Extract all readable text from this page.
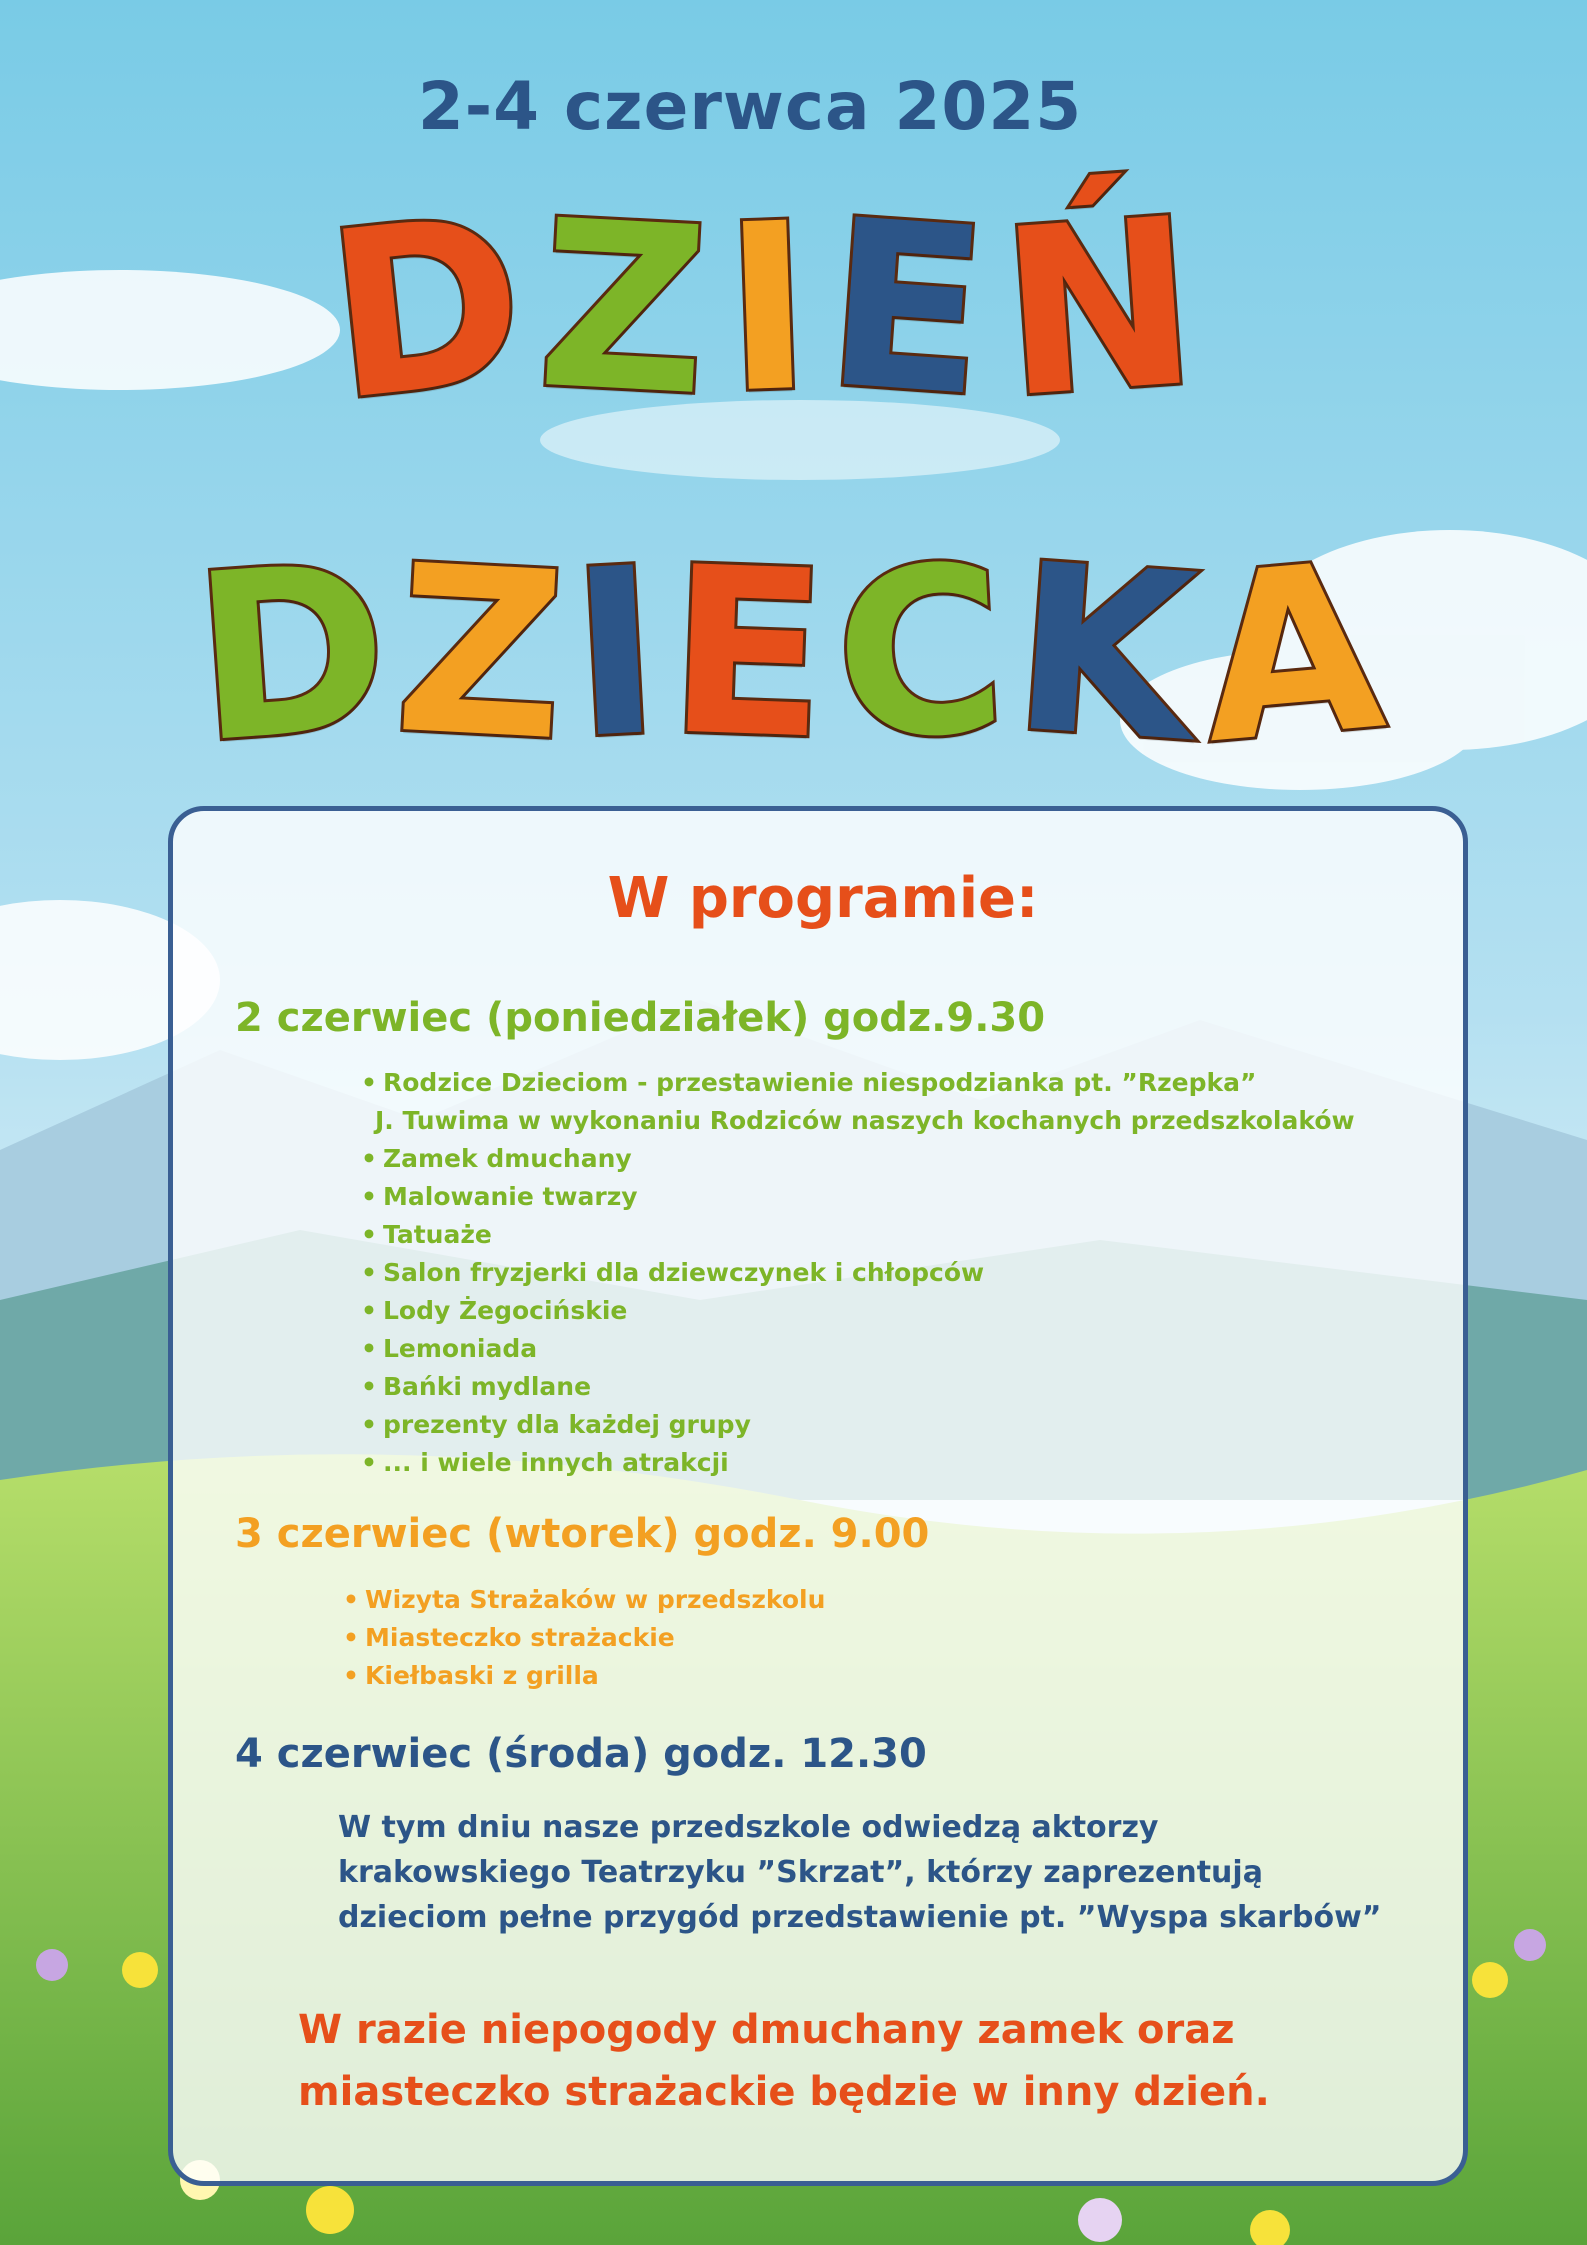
2-4 czerwca 2025
D
Z I E Ń
D
Z
I
E
C
K
A
W programie:
2 czerwiec (poniedziałek) godz.9.30
• Rodzice Dzieciom - przestawienie niespodzianka pt. ”Rzepka”
J. Tuwima w wykonaniu Rodziców naszych kochanych przedszkolaków
• Zamek dmuchany
• Malowanie twarzy
• Tatuaże
• Salon fryzjerki dla dziewczynek i chłopców
• Lody Żegocińskie
• Lemoniada
• Bańki mydlane
• prezenty dla każdej grupy
• ... i wiele innych atrakcji
3 czerwiec (wtorek) godz. 9.00
• Wizyta Strażaków w przedszkolu
• Miasteczko strażackie
• Kiełbaski z grilla
4 czerwiec (środa) godz. 12.30
W tym dniu nasze przedszkole odwiedzą aktorzy
krakowskiego Teatrzyku ”Skrzat”, którzy zaprezentują
dzieciom pełne przygód przedstawienie pt. ”Wyspa skarbów”
W razie niepogody dmuchany zamek oraz
miasteczko strażackie będzie w inny dzień.
